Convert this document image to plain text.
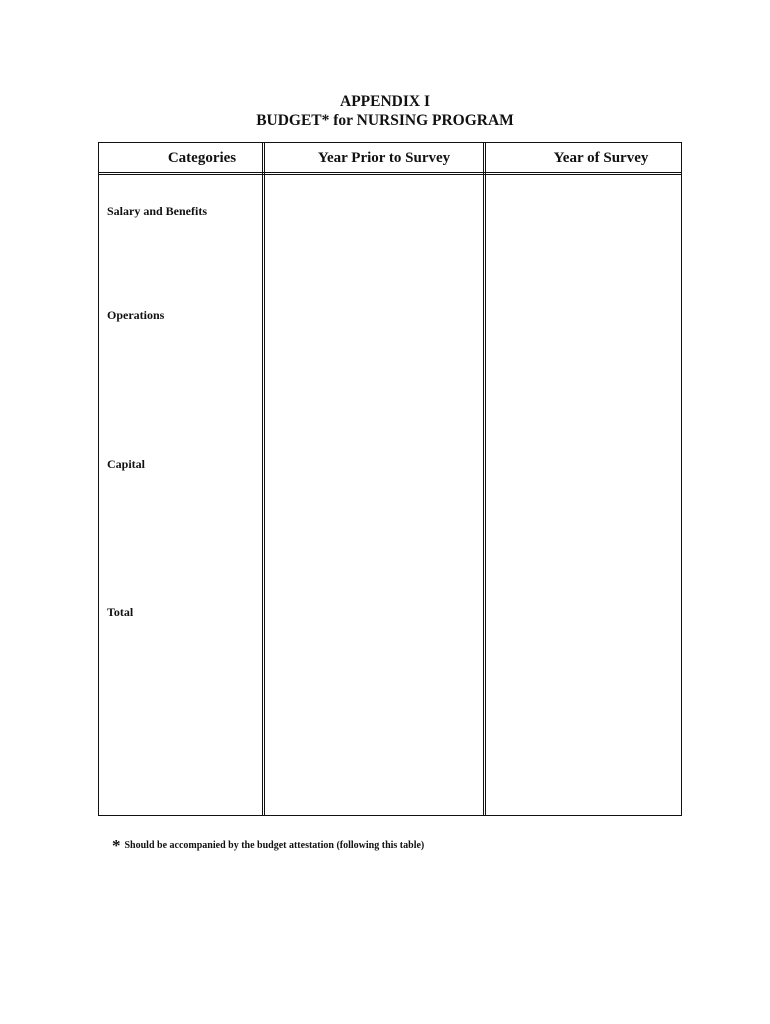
APPENDIX I
BUDGET* for NURSING PROGRAM
Categories	Year Prior to Survey	Year of Survey
Salary and Benefits
Operations
Capital
Total
* Should be accompanied by the budget attestation (following this table)
